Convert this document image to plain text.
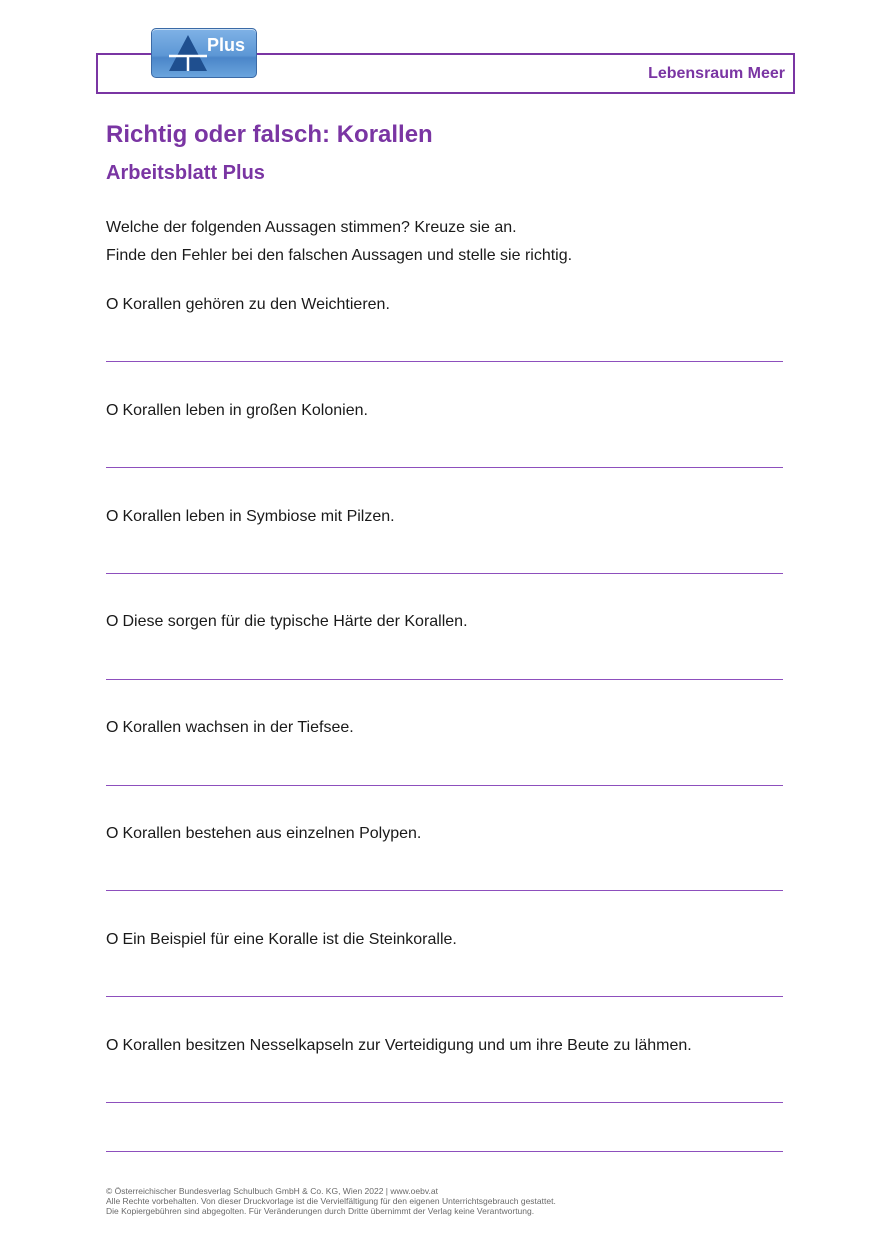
Lebensraum Meer
Plus
Richtig oder falsch: Korallen
Arbeitsblatt Plus
Welche der folgenden Aussagen stimmen? Kreuze sie an.
Finde den Fehler bei den falschen Aussagen und stelle sie richtig.
O Korallen gehören zu den Weichtieren.
O Korallen leben in großen Kolonien.
O Korallen leben in Symbiose mit Pilzen.
O Diese sorgen für die typische Härte der Korallen.
O Korallen wachsen in der Tiefsee.
O Korallen bestehen aus einzelnen Polypen.
O Ein Beispiel für eine Koralle ist die Steinkoralle.
O Korallen besitzen Nesselkapseln zur Verteidigung und um ihre Beute zu lähmen.
© Österreichischer Bundesverlag Schulbuch GmbH & Co. KG, Wien 2022 | www.oebv.at
Alle Rechte vorbehalten. Von dieser Druckvorlage ist die Vervielfältigung für den eigenen Unterrichtsgebrauch gestattet.
Die Kopiergebühren sind abgegolten. Für Veränderungen durch Dritte übernimmt der Verlag keine Verantwortung.
